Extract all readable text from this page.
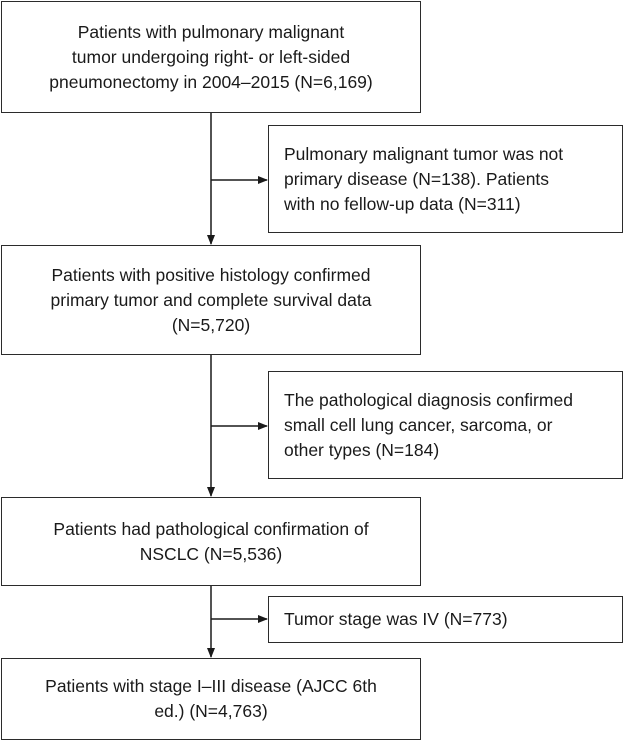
Patients with pulmonary malignant
tumor undergoing right- or left-sided
pneumonectomy in 2004–2015 (N=6,169)
Pulmonary malignant tumor was not
primary disease (N=138). Patients
with no fellow-up data (N=311)
Patients with positive histology confirmed
primary tumor and complete survival data
(N=5,720)
The pathological diagnosis confirmed
small cell lung cancer, sarcoma, or
other types (N=184)
Patients had pathological confirmation of
NSCLC (N=5,536)
Tumor stage was IV (N=773)
Patients with stage I–III disease (AJCC 6th
ed.) (N=4,763)
